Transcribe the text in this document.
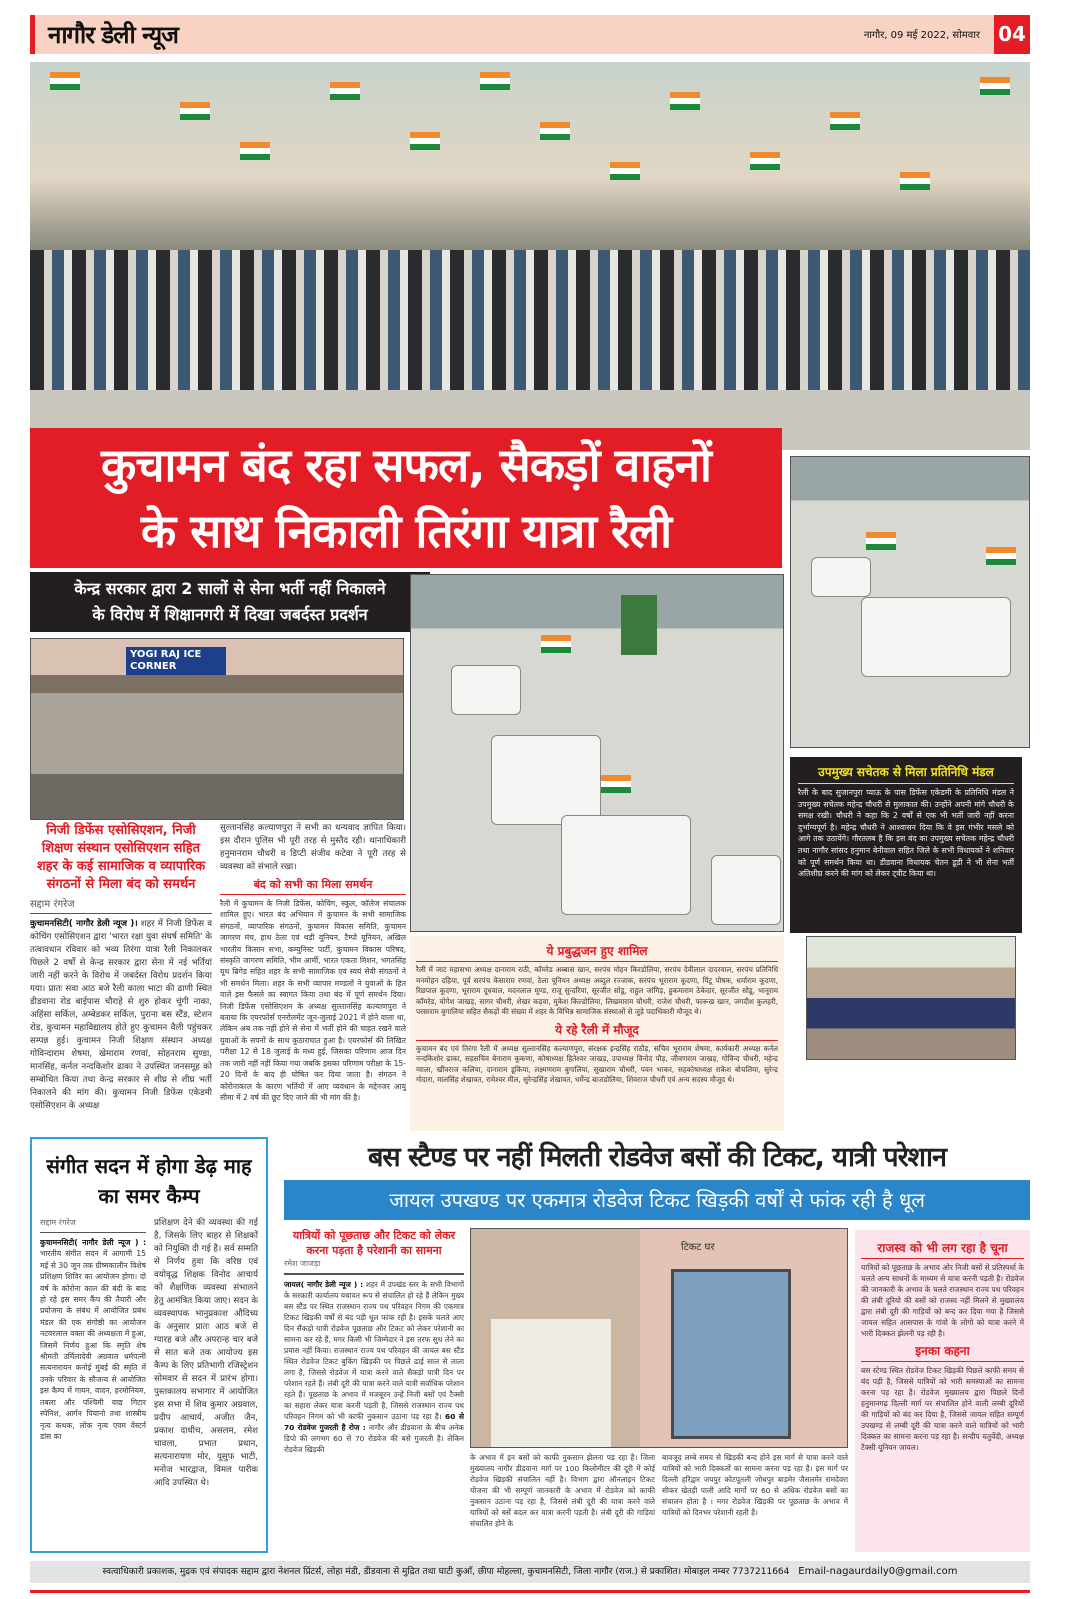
नागौर डेली न्यूज	नागौर, 09 मई 2022, सोमवार 04
कुचामन बंद रहा सफल, सैकड़ों वाहनों
के साथ निकाली तिरंगा यात्रा रैली
केन्द्र सरकार द्वारा 2 सालों से सेना भर्ती नहीं निकालने
के विरोध में शिक्षानगरी में दिखा जबर्दस्त प्रदर्शन
YOGI RAJ ICE CORNER
निजी डिफेंस एसोसिएशन, निजी शिक्षण संस्थान एसोसिएशन सहित शहर के कई सामाजिक व व्यापारिक संगठनों से मिला बंद को समर्थन
सद्दाम रंगरेज
कुचामनसिटी( नागौर डेली न्यूज )। शहर में निजी डिफेंस व कोचिंग एसोसिएशन द्वारा 'भारत रक्षा युवा संघर्ष समिति' के तत्वावधान रविवार को भव्य तिरंगा यात्रा रैली निकालकर पिछले 2 वर्षों से केन्द्र सरकार द्वारा सेना में नई भर्तियां जारी नहीं करने के विरोध में जबर्दस्त विरोध प्रदर्शन किया गया। प्रातः सवा आठ बजे रैली काला भाटा की ढाणी स्थित डीडवाना रोड बाईपास चौराहे से शुरु होकर चूंगी नाका, अहिंसा सर्किल, अम्बेडकर सर्किल, पुराना बस स्टैंड, स्टेशन रोड, कुचामन महाविद्यालय होते हुए कुचामन वैली पहुंचकर सम्पन्न हुई। कुचामन निजी शिक्षण संस्थान अध्यक्ष गोविन्दाराम शेषमा, खेमाराम रणवां, सोहनराम सुण्डा, मानसिंह, कर्नल नन्दकिशोर ढाका ने उपस्थित जनसमूह को सम्बोधित किया तथा केन्द्र सरकार से शीघ्र से शीघ्र भर्ती निकालने की मांग की। कुचामन निजी डिफेंस एकेडमी एसोसिएशन के अध्यक्ष
सुल्तानसिंह कल्याणपुरा ने सभी का धन्यवाद ज्ञापित किया। इस दौरान पुलिस भी पूरी तरह से मुस्तैद रही। थानाधिकारी हनुमानराम चौधरी व डिप्टी संजीव कटेवा ने पूरी तरह से व्यवस्था को संभाले रखा।
बंद को सभी का मिला समर्थन
रैली में कुचामन के निजी डिफेंस, कोचिंग, स्कूल, कॉलेज संचालक शामिल हुए। भारत बंद अभियान में कुचामन के सभी सामाजिक संगठनों, व्यापारिक संगठनों, कुचामन विकास समिति, कुचामन जागरण मंच, हाथ ठेला एवं थड़ी यूनियन, टैम्पो यूनियन, अखिल भारतीय किसान सभा, कम्युनिस्ट पार्टी, कुचामन विकास परिषद, संस्कृति जागरण समिति, भीम आर्मी, भारत एकता मिशन, भगतसिंह यूथ ब्रिगेड सहित शहर के सभी सामाजिक एवं स्वयं सेवी संगठनों ने भी समर्थन मिला। शहर के सभी व्यापार मण्डलों ने युवाओं के हित वाले इस फैसले का स्वागत किया तथा बंद में पूर्ण समर्थन दिया। निजी डिफेंस एसोसिएशन के अध्यक्ष सुल्तानसिंह कल्याणपुरा ने बताया कि एयरफोर्स एनरोलमेंट जून-जुलाई 2021 में होने वाला था, लेकिन अब तक नहीं होने से सेना में भर्ती होने की चाहत रखने वाले युवाओं के सपनों के साथ कुठाराघात हुआ है। एयरफोर्स की लिखित परीक्षा 12 से 18 जुलाई के मध्य हुई, जिसका परिणाम आज दिन तक जारी नहीं नहीं किया गया जबकि इसका परिणाम परीक्षा के 15-20 दिनों के बाद ही घोषित कर दिया जाता है। संगठन ने कोरोनाकाल के कारण भर्तियों में आए व्यवधान के मद्देनजर आयु सीमा में 2 वर्ष की छूट दिए जाने की भी मांग की है।
ये प्रबुद्धजन हुए शामिल
रैली में जाट महासभा अध्यक्ष दानाराम राठी, कॉमरेड अब्बास खान, सरपंच मोहन किरडोलिया, सरपंच देवीलाल दादरवाल, सरपंच प्रतिनिधि मनमोहन दहिया, पूर्व सरपंच केसाराम रणवां, ठेला यूनियन अध्यक्ष अब्दुल रज्जाक, सरपंच भूराराम कूदणा, पिंटू पोषक, धर्माराम कूदणा, रिछपाल कूदणा, भूराराम दूधवाल, मदनलाल मूण्ड, राजू सुन्दरिया, सूरजीत सोडू, राहुल जांगिड़, हुकमाराम ठेकेदार, सूरजीत सोडू, भानूराम कॉमरेड, योगेश जाखड़, सागर चौधरी, शेखर कड़वा, मुकेश किल्डोलिया, लिखमाराम चौधरी, राजेश चौधरी, फारूख खान, जगदीश कुलहरी, परसाराम बुगालिया सहित सैकड़ों की संख्या में शहर के विभिन्न सामाजिक संस्थाओं से जुड़े पदाधिकारी मौजूद थे।
ये रहे रैली में मौजूद
कुचामन बंद एवं तिरंगा रैली में अध्यक्ष सुल्तानसिंह कल्याणपुरा, संरक्षक इन्द्रसिंह राठौड़, सचिव भूराराम शेषमा, कार्यकारी अध्यक्ष कर्नल नन्दकिशोर ढाका, सहसचिव बेनाराम कूकणा, कोषाध्यक्ष हितेश्वर जाखड़, उपाध्यक्ष विनोद पौड़, जीवणराम जाखड़, गोविन्द चौधरी, महेन्द्र ग्वाला, खींवराज कलिया, दानाराम डूकिया, लक्ष्मणराम बुगालिया, सुखाराम चौधरी, पवन भाकर, सहकोषाध्यक्ष राकेश बोचलिया, सुरेन्द्र गोदारा, मालसिंह शेखावत, रामेश्वर मील, सुरेन्द्रसिंह शेखावत, धर्मेन्द्र बाजडोलिया, शिवराज चौधरी एवं अन्य सदस्य मौजूद थे।
उपमुख्य सचेतक से मिला प्रतिनिधि मंडल
रैली के बाद सुजानपुरा प्याऊ के पास डिफेंस एकेडमी के प्रतिनिधि मंडल ने उपमुख्य सचेतक महेन्द्र चौधरी से मुलाकात की। उन्होंने अपनी मांगे चौधरी के समक्ष रखी। चौधरी ने कहा कि 2 वर्षों से एक भी भर्ती जारी नहीं करना दुर्भाग्यपूर्ण है। महेन्द्र चौधरी ने आश्वासन दिया कि वे इस गंभीर मसले को आगे तक उठायेंगे। गौरतलब है कि इस बंद का उपमुख्य सचेतक महेन्द्र चौधरी तथा नागौर सांसद हनुमान बेनीवाल सहित जिले के सभी विधायकों ने शनिवार को पूर्ण समर्थन किया था। डीडवाना विधायक चेतन डूडी ने भी सेना भर्ती अतिशीघ्र करने की मांग को लेकर ट्वीट किया था।
संगीत सदन में होगा डेढ़ माह का समर कैम्प
सद्दाम रंगरेज
कुचामनसिटी( नागौर डेली न्यूज ) : भारतीय संगीत सदन में आगामी 15 मई से 30 जून तक ग्रीष्मकालीन विशेष प्रशिक्षण शिविर का आयोजन होगा। दो वर्ष के कोरोना काल की बंदी के बाद हो रहे इस समर कैंप की तैयारी और प्रयोजना के संबंध में आयोजित प्रबंध मंडल की एक संगोष्ठी का आयोजन नटवरलाल वक्ता की अध्यक्षता में हुआ, जिसमें निर्णय हुआ कि स्मृति शेष श्रीमती उर्मिलादेवी अग्रवाल धर्मपत्नी सत्यनारायन कनोई मुंबई की स्मृति में उनके परिवार के सौजन्य से आयोजित इस कैम्प में गायन, वादन, हरमोनियम, तबला और पश्चिमी वाद्य गिटार स्पेनिश, आर्गन पियानो तथा शास्त्रीय नृत्य कथक, लोक नृत्य एवम वेस्टर्न डांस का
प्रशिक्षण देने की व्यवस्था की गई है, जिसके लिए बाहर से शिक्षकों को नियुक्ति दी गई है। सर्व सम्मति से निर्णय हुवा कि वरिष्ठ एवं वयोवृद्ध शिक्षक विनोद आचार्य को शैक्षणिक व्यवस्था संभालने हेतु आमंत्रित किया जाए। सदन के व्यवस्थापक भानुप्रकाश औदिच्य के अनुसार प्रातः आठ बजे से ग्यारह बजे और अपरान्ह चार बजे से सात बजे तक आयोज्य इस कैम्प के लिए प्रतिभागी रजिस्ट्रेशन सोमवार से सदन में प्रारंभ होगा। पुस्तकालय सभागार में आयोजित इस सभा में शिव कुमार अग्रवाल, प्रदीप आचार्य, अजीत जैन, प्रकाश दाधीच, असलम, रमेश चावला, प्रभात प्रधान, सत्यनारायण मोर, यूसुफ भाटी, मनोज भारद्वाज, विमल पारीक आदि उपस्थित थे।
बस स्टैण्ड पर नहीं मिलती रोडवेज बसों की टिकट, यात्री परेशान
जायल उपखण्ड पर एकमात्र रोडवेज टिकट खिड़की वर्षों से फांक रही है धूल
यात्रियों को पूछताछ और टिकट को लेकर करना पड़ता है परेशानी का सामना
रमेश जाजड़ा
जायल( नागौर डेली न्यूज ) : शहर में उपखंड स्तर के सभी विभागों के सरकारी कार्यालय यथावत रूप से संचालित हो रहे हैं लेकिन मुख्य बस स्टैंड पर स्थित राजस्थान राज्य पथ परिवहन निगम की एकमात्र टिकट खिड़की वर्षों से बंद पड़ी धूल फांक रही है। इसके चलते आए दिन सैंकड़ो यात्री रोडवेज पूछताछ और टिकट को लेकर परेशानी का सामना कर रहे हैं, मगर किसी भी जिम्मेदार ने इस तरफ सुध लेने का प्रयास नहीं किया। राजस्थान राज्य पथ परिवहन की जायल बस स्टैंड स्थित रोडवेज टिकट बुकिंग खिड़की पर पिछले ढाई साल से ताला लगा है, जिससे रोडवेज में यात्रा करने वाले सैकड़ो यात्री दिन पर परेशान रहते हैं। लंबी दूरी की यात्रा करने वाले यात्री सर्वाधिक परेशान रहते हैं। पूछताछ के अभाव में मजबूरन उन्हें निजी बसों एवं टैक्सी का सहारा लेकर यात्रा करनी पड़ती है, जिससे राजस्थान राज्य पथ परिवहन निगम को भी काफी नुकसान उठाना पड़ रहा है। 60 से 70 रोडवेज गुजरती है रोज : नागौर और डीडवाना के बीच अनेक डिपो की लगभग 60 से 70 रोडवेज की बसे गुजरती है। लेकिन रोडवेज खिड़की
टिकट घर
के अभाव में इन बसों को काफी नुकसान झेलना पड़ रहा है। जिला मुख्यालय नागौर डीडवाना मार्ग पर 100 किलोमीटर की दूरी में कोई रोडवेज खिड़की संचालित नहीं है। विभाग द्वारा ऑनलाइन टिकट योजना की भी सम्पूर्ण जानकारी के अभाव में रोडवेज को काफी नुकसान उठाना पड़ रहा है, जिससे लंबी दूरी की यात्रा करने वाले यात्रियों को बसें बदल कर यात्रा करनी पड़ती है। लंबी दूरी की गाड़ियां संचालित होने के
बावजूद लम्बे समय से खिड़की बन्द होने इस मार्ग से यात्रा करने वाले यात्रियों को भारी दिक्कतों का सामना करना पड़ रहा है। इस मार्ग पर दिल्ली हरिद्वार जयपुर कोटपूतली जोधपुर बाड़मेर जैसलमेर रामदेवरा सीकर खेतड़ी पाली आदि मार्गो पर 60 से अधिक रोडवेज बसों का संचालन होता है । मगर रोडवेज खिड़की पर पूछताछ के अभाव में यात्रियों को दिनभर परेशानी रहती है।
राजस्व को भी लग रहा है चूना
यात्रियों को पूछताछ के अभाव ओर निजी बसों से प्रतिस्पर्धा के चलते अन्य साधनों के माध्यम से यात्रा करनी पड़ती है। रोडवेज की जानकारी के अभाव के चलते राजस्थान राज्य पथ परिवहन की लंबी दूरियो की बसों को राजस्व नहीं मिलने से मुख्यालय द्वारा लंबी दूरी की गाड़ियों को बन्द कर दिया गया है जिससे जायल सहित आसपास के गांवो के लोगो को यात्रा करने में भारी दिक्कत झेलनी पड़ रही है।
इनका कहना
बस स्टेण्ड स्थित रोडवेज टिकट खिड़की पिछले काफी समय से बंद पड़ी है, जिससे यात्रियों को भारी समस्याओं का सामना करना पड़ रहा है। रोडवेज मुख्यालय द्वारा पिछले दिनों हनुमानगढ़ दिल्ली मार्ग पर संचालित होने वाली लम्बी दूरियों की गाड़ियों को बंद कर दिया है, जिससे जायल सहित सम्पूर्ण उपखण्ड से लम्बी दूरी की यात्रा करने वाले यात्रियों को भारी दिक्कत का सामना करना पड़ रहा है। सन्दीप चतुर्वेदी, अध्यक्ष टैक्सी यूनियन जायल।
स्वत्वाधिकारी प्रकाशक, मुद्रक एवं संपादक सद्दाम द्वारा नेशनल प्रिंटर्स, लोहा मंडी, डीडवाना से मुद्रित तथा घाटी कुआँ, छीपा मोहल्ला, कुचामनसिटी, जिला नागौर (राज.) से प्रकाशित। मोबाइल नम्बर 7737211664 Email-nagaurdaily0@gmail.com
